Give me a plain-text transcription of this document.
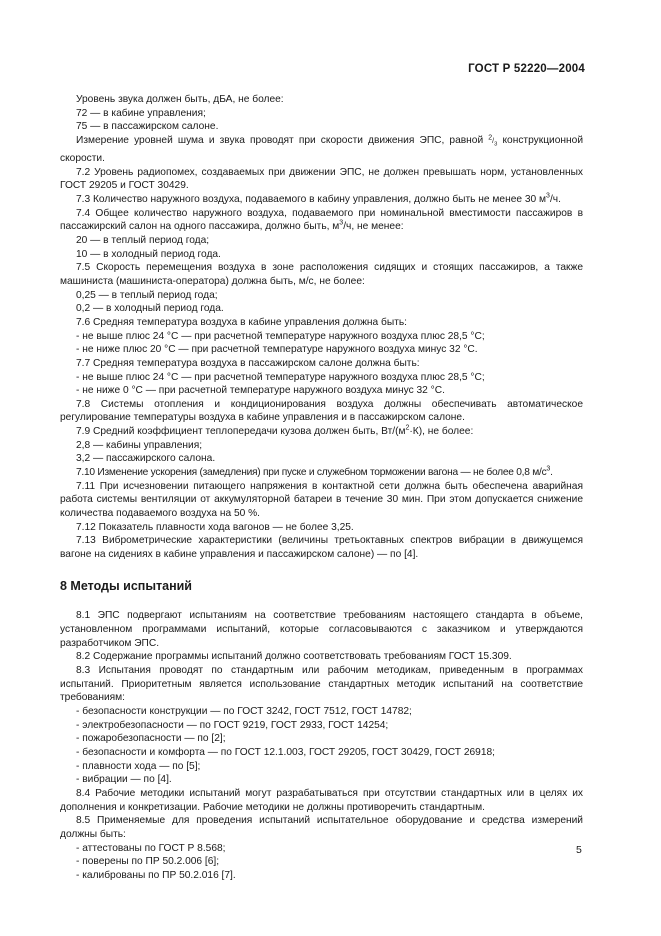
ГОСТ Р 52220—2004

Уровень звука должен быть, дБА, не более:

72 — в кабине управления;

75 — в пассажирском салоне.

Измерение уровней шума и звука проводят при скорости движения ЭПС, равной $^2/_3$ конструкционной скорости.

7.2 Уровень радиопомех, создаваемых при движении ЭПС, не должен превышать норм, установленных ГОСТ 29205 и ГОСТ 30429.

7.3 Количество наружного воздуха, подаваемого в кабину управления, должно быть не менее 30 $м^3/ч$.

7.4 Общее количество наружного воздуха, подаваемого при номинальной вместимости пассажиров в пассажирский салон на одного пассажира, должно быть, $м^3/ч$, не менее:

20 — в теплый период года;

10 — в холодный период года.

7.5 Скорость перемещения воздуха в зоне расположения сидящих и стоящих пассажиров, а также машиниста (машиниста-оператора) должна быть, м/с, не более:

0,25 — в теплый период года;

0,2 — в холодный период года.

7.6 Средняя температура воздуха в кабине управления должна быть:

- не выше плюс 24 °С — при расчетной температуре наружного воздуха плюс 28,5 °С;

- не ниже плюс 20 °С — при расчетной температуре наружного воздуха минус 32 °С.

7.7 Средняя температура воздуха в пассажирском салоне должна быть:

- не выше плюс 24 °С — при расчетной температуре наружного воздуха плюс 28,5 °С;

- не ниже 0 °С — при расчетной температуре наружного воздуха минус 32 °С.

7.8 Системы отопления и кондиционирования воздуха должны обеспечивать автоматическое регулирование температуры воздуха в кабине управления и в пассажирском салоне.

7.9 Средний коэффициент теплопередачи кузова должен быть, $Вт/(м^2\cdot К)$, не более:

2,8 — кабины управления;

3,2 — пассажирского салона.

7.10 Изменение ускорения (замедления) при пуске и служебном торможении вагона — не более 0,8 $м/с^3$.

7.11 При исчезновении питающего напряжения в контактной сети должна быть обеспечена аварийная работа системы вентиляции от аккумуляторной батареи в течение 30 мин. При этом допускается снижение количества подаваемого воздуха на 50 %.

7.12 Показатель плавности хода вагонов — не более 3,25.

7.13 Виброметрические характеристики (величины третьоктавных спектров вибрации в движущемся вагоне на сидениях в кабине управления и пассажирском салоне) — по [4].

8 Методы испытаний

8.1 ЭПС подвергают испытаниям на соответствие требованиям настоящего стандарта в объеме, установленном программами испытаний, которые согласовываются с заказчиком и утверждаются разработчиком ЭПС.

8.2 Содержание программы испытаний должно соответствовать требованиям ГОСТ 15.309.

8.3 Испытания проводят по стандартным или рабочим методикам, приведенным в программах испытаний. Приоритетным является использование стандартных методик испытаний на соответствие требованиям:

- безопасности конструкции — по ГОСТ 3242, ГОСТ 7512, ГОСТ 14782;

- электробезопасности — по ГОСТ 9219, ГОСТ 2933, ГОСТ 14254;

- пожаробезопасности — по [2];

- безопасности и комфорта — по ГОСТ 12.1.003, ГОСТ 29205, ГОСТ 30429, ГОСТ 26918;

- плавности хода — по [5];

- вибрации — по [4].

8.4 Рабочие методики испытаний могут разрабатываться при отсутствии стандартных или в целях их дополнения и конкретизации. Рабочие методики не должны противоречить стандартным.

8.5 Применяемые для проведения испытаний испытательное оборудование и средства измерений должны быть:

- аттестованы по ГОСТ Р 8.568;

- поверены по ПР 50.2.006 [6];

- калиброваны по ПР 50.2.016 [7].

5
